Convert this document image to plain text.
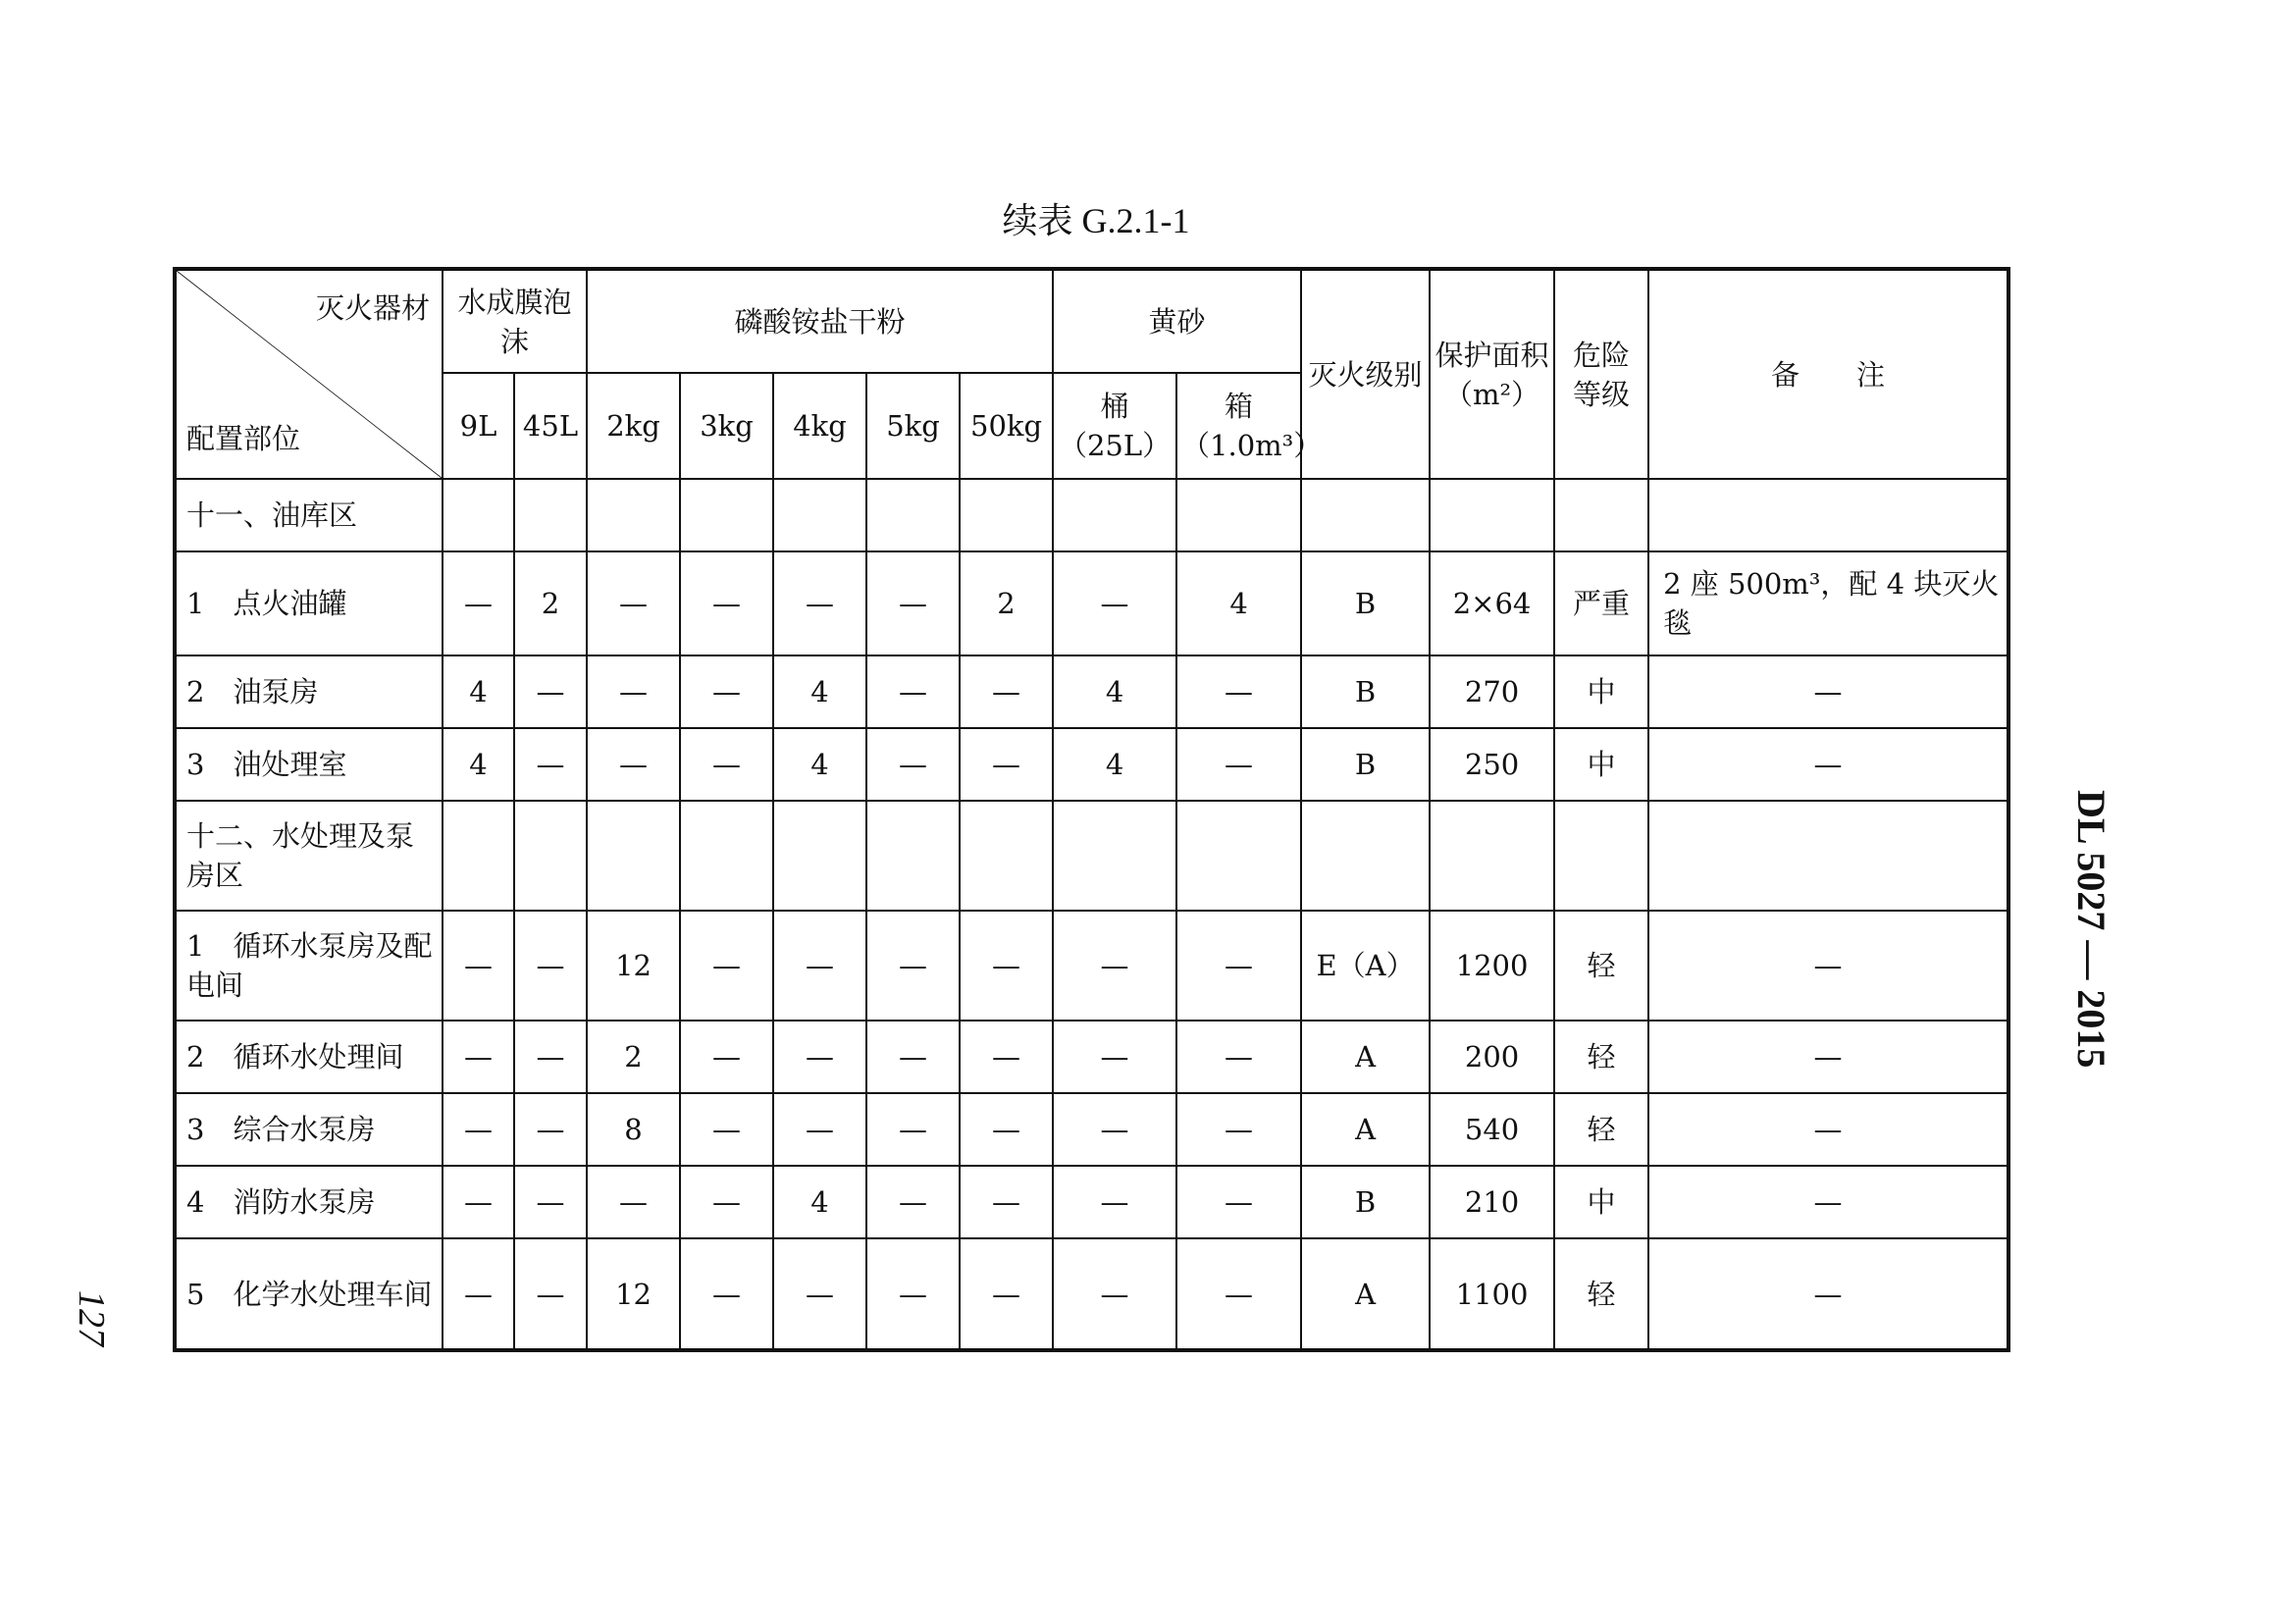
续表 G.2.1-1
灭火器材
配置部位	水成膜泡沫		磷酸铵盐干粉					黄砂		灭火级别	保护面积（m²）	危险等级	备　　注
	9L	45L	2kg	3kg	4kg	5kg	50kg	桶（25L）	箱（1.0m³）				
十一、油库区													
1　点火油罐	—	2	—	—	—	—	2	—	4	B	2×64	严重	2 座 500m³，配 4 块灭火毯
2　油泵房	4	—	—	—	4	—	—	4	—	B	270	中	—
3　油处理室	4	—	—	—	4	—	—	4	—	B	250	中	—
十二、水处理及泵房区													
1　循环水泵房及配电间	—	—	12	—	—	—	—	—	—	E（A）	1200	轻	—
2　循环水处理间	—	—	2	—	—	—	—	—	—	A	200	轻	—
3　综合水泵房	—	—	8	—	—	—	—	—	—	A	540	轻	—
4　消防水泵房	—	—	—	—	4	—	—	—	—	B	210	中	—
5　化学水处理车间	—	—	12	—	—	—	—	—	—	A	1100	轻	—
DL 5027 — 2015
127
